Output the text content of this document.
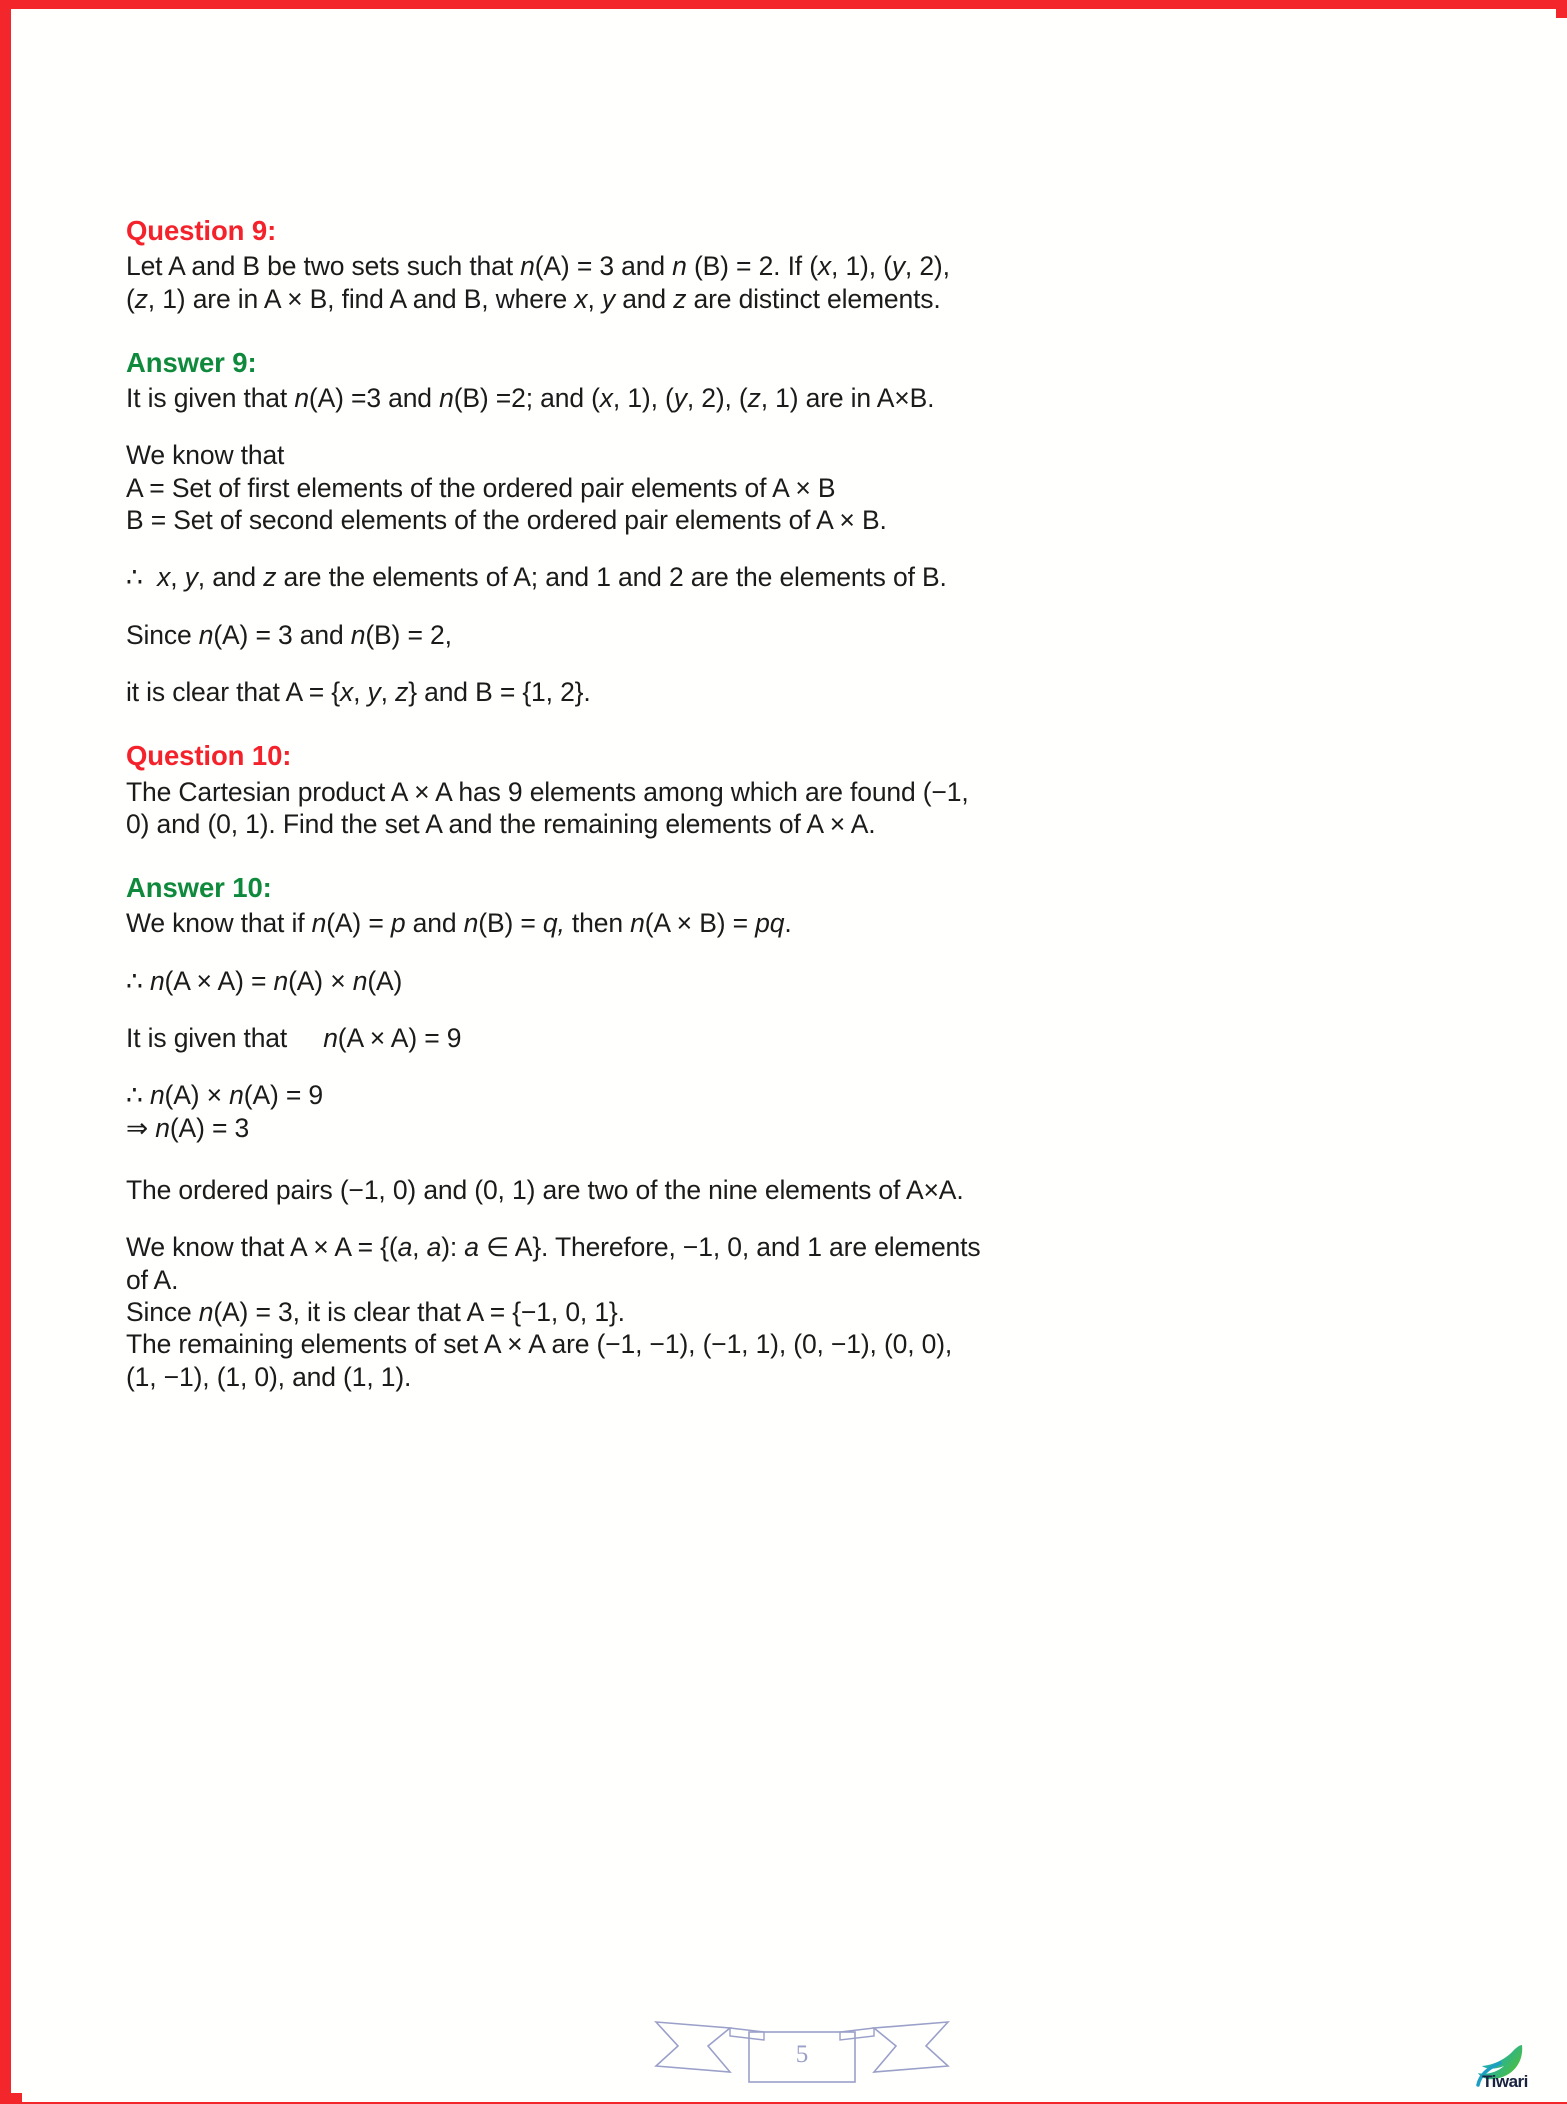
Question 9:

Let A and B be two sets such that n(A) = 3 and n (B) = 2. If (x, 1), (y, 2),
(z, 1) are in A × B, find A and B, where x, y and z are distinct elements.

Answer 9:

It is given that n(A) =3 and n(B) =2; and (x, 1), (y, 2), (z, 1) are in A×B.

We know that

A = Set of first elements of the ordered pair elements of A × B

B = Set of second elements of the ordered pair elements of A × B.

∴  x, y, and z are the elements of A; and 1 and 2 are the elements of B.

Since n(A) = 3 and n(B) = 2,

it is clear that A = {x, y, z} and B = {1, 2}.

Question 10:

The Cartesian product A × A has 9 elements among which are found (−1,
0) and (0, 1). Find the set A and the remaining elements of A × A.

Answer 10:

We know that if n(A) = p and n(B) = q, then n(A × B) = pq.

∴ n(A × A) = n(A) × n(A)

It is given that n(A × A) = 9

∴ n(A) × n(A) = 9

⇒ n(A) = 3

The ordered pairs (−1, 0) and (0, 1) are two of the nine elements of A×A.

We know that A × A = {(a, a): a ∈ A}. Therefore, −1, 0, and 1 are elements
of A.

Since n(A) = 3, it is clear that A = {−1, 0, 1}.

The remaining elements of set A × A are (−1, −1), (−1, 1), (0, −1), (0, 0),
(1, −1), (1, 0), and (1, 1).

5
Tiwari
